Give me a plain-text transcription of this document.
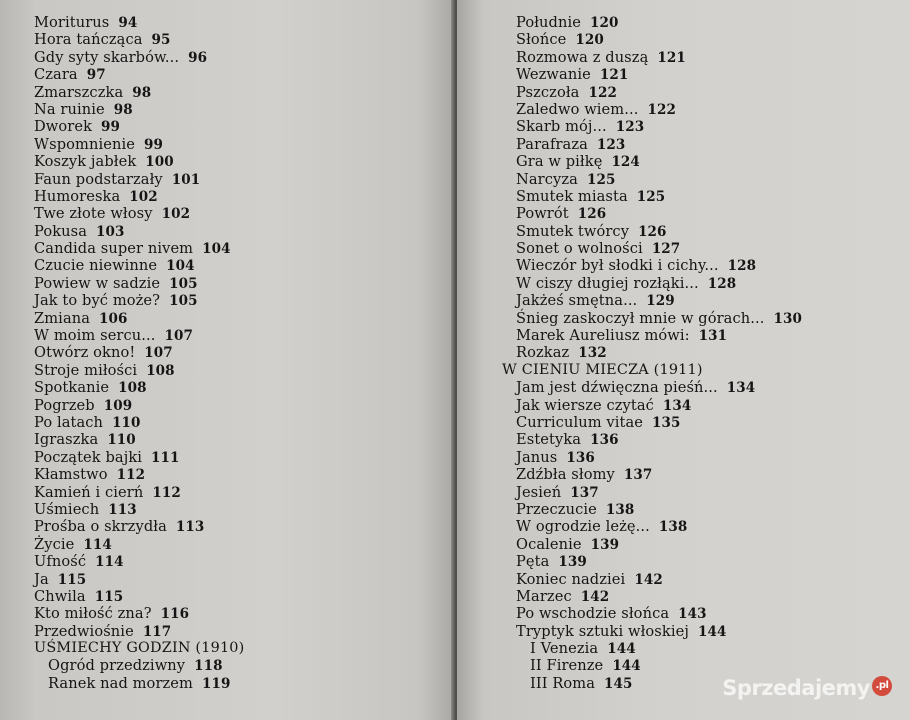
Moriturus 94
Hora tańcząca 95
Gdy syty skarbów... 96
Czara 97
Zmarszczka 98
Na ruinie 98
Dworek 99
Wspomnienie 99
Koszyk jabłek 100
Faun podstarzały 101
Humoreska 102
Twe złote włosy 102
Pokusa 103
Candida super nivem 104
Czucie niewinne 104
Powiew w sadzie 105
Jak to być może? 105
Zmiana 106
W moim sercu... 107
Otwórz okno! 107
Stroje miłości 108
Spotkanie 108
Pogrzeb 109
Po latach 110
Igraszka 110
Początek bajki 111
Kłamstwo 112
Kamień i cierń 112
Uśmiech 113
Prośba o skrzydła 113
Życie 114
Ufność 114
Ja 115
Chwila 115
Kto miłość zna? 116
Przedwiośnie 117
UŚMIECHY GODZIN (1910)
Ogród przedziwny 118
Ranek nad morzem 119
Południe 120
Słońce 120
Rozmowa z duszą 121
Wezwanie 121
Pszczoła 122
Zaledwo wiem... 122
Skarb mój... 123
Parafraza 123
Gra w piłkę 124
Narcyza 125
Smutek miasta 125
Powrót 126
Smutek twórcy 126
Sonet o wolności 127
Wieczór był słodki i cichy... 128
W ciszy długiej rozłąki... 128
Jakżeś smętna... 129
Śnieg zaskoczył mnie w górach... 130
Marek Aureliusz mówi: 131
Rozkaz 132
W CIENIU MIECZA (1911)
Jam jest dźwięczna pieśń... 134
Jak wiersze czytać 134
Curriculum vitae 135
Estetyka 136
Janus 136
Zdźbła słomy 137
Jesień 137
Przeczucie 138
W ogrodzie leżę... 138
Ocalenie 139
Pęta 139
Koniec nadziei 142
Marzec 142
Po wschodzie słońca 143
Tryptyk sztuki włoskiej 144
I Venezia 144
II Firenze 144
III Roma 145	Sprzedajemy .pl
